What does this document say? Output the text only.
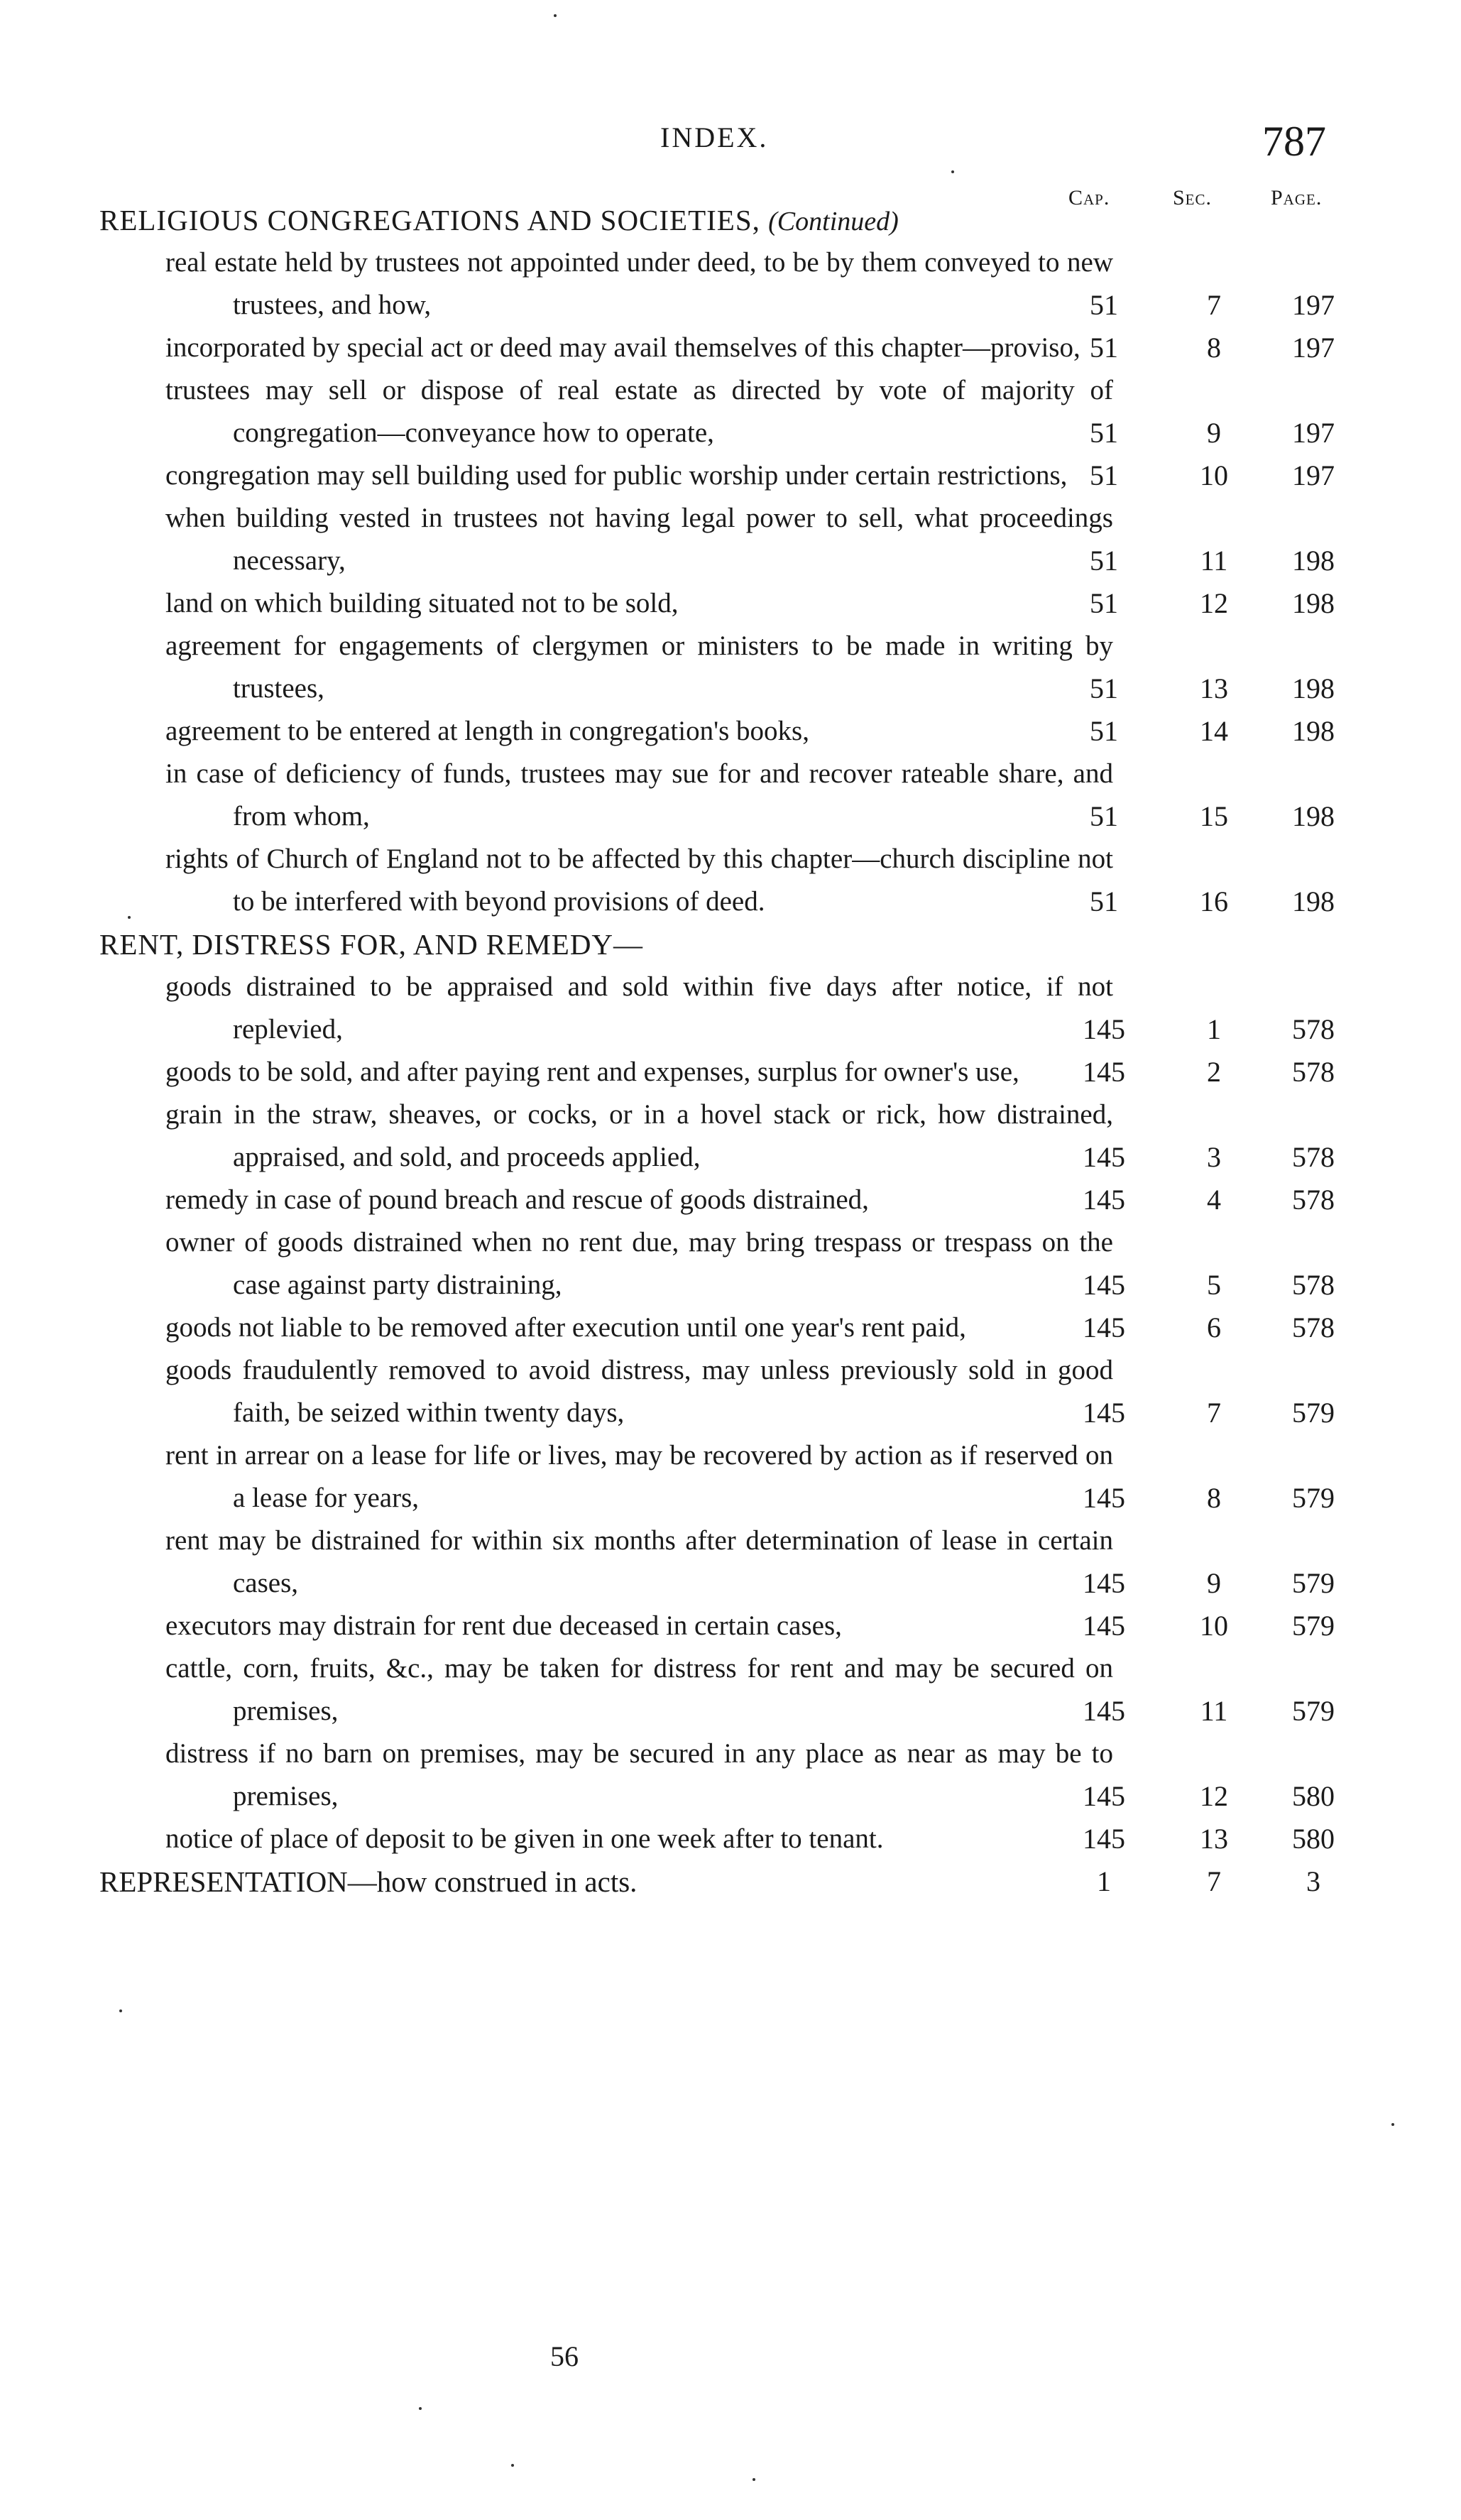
INDEX.	787
Cap.	Sec.	Page.
RELIGIOUS CONGREGATIONS AND SOCIETIES, (Continued)
real estate held by trustees not appointed under deed, to be by them conveyed to new trustees, and how,	51	7	197
incorporated by special act or deed may avail themselves of this chapter—proviso, 51	8	197
trustees may sell or dispose of real estate as directed by vote of majority of congregation—conveyance how to operate,	51	9	197
congregation may sell building used for public worship under certain restrictions, 51	10	197
when building vested in trustees not having legal power to sell, what proceedings necessary,	51	11	198
land on which building situated not to be sold,	51	12	198
agreement for engagements of clergymen or ministers to be made in writing by trustees,	51	13	198
agreement to be entered at length in congregation's books,	51	14	198
in case of deficiency of funds, trustees may sue for and recover rateable share, and from whom,	51	15	198
rights of Church of England not to be affected by this chapter—church discipline not to be interfered with beyond provisions of deed.	51	16	198
RENT, DISTRESS FOR, AND REMEDY—
goods distrained to be appraised and sold within five days after notice, if not replevied,	145	1	578
goods to be sold, and after paying rent and expenses, surplus for owner's use,	145	2	578
grain in the straw, sheaves, or cocks, or in a hovel stack or rick, how distrained, appraised, and sold, and proceeds applied,	145	3	578
remedy in case of pound breach and rescue of goods distrained,	145	4	578
owner of goods distrained when no rent due, may bring trespass or trespass on the case against party distraining,	145	5	578
goods not liable to be removed after execution until one year's rent paid,	145	6	578
goods fraudulently removed to avoid distress, may unless previously sold in good faith, be seized within twenty days,	145	7	579
rent in arrear on a lease for life or lives, may be recovered by action as if reserved on a lease for years,	145	8	579
rent may be distrained for within six months after determination of lease in certain cases,	145	9	579
executors may distrain for rent due deceased in certain cases,	145	10	579
cattle, corn, fruits, &c., may be taken for distress for rent and may be secured on premises,	145	11	579
distress if no barn on premises, may be secured in any place as near as may be to premises,	145	12	580
notice of place of deposit to be given in one week after to tenant.	145	13	580
REPRESENTATION—how construed in acts.	1	7	3
56
